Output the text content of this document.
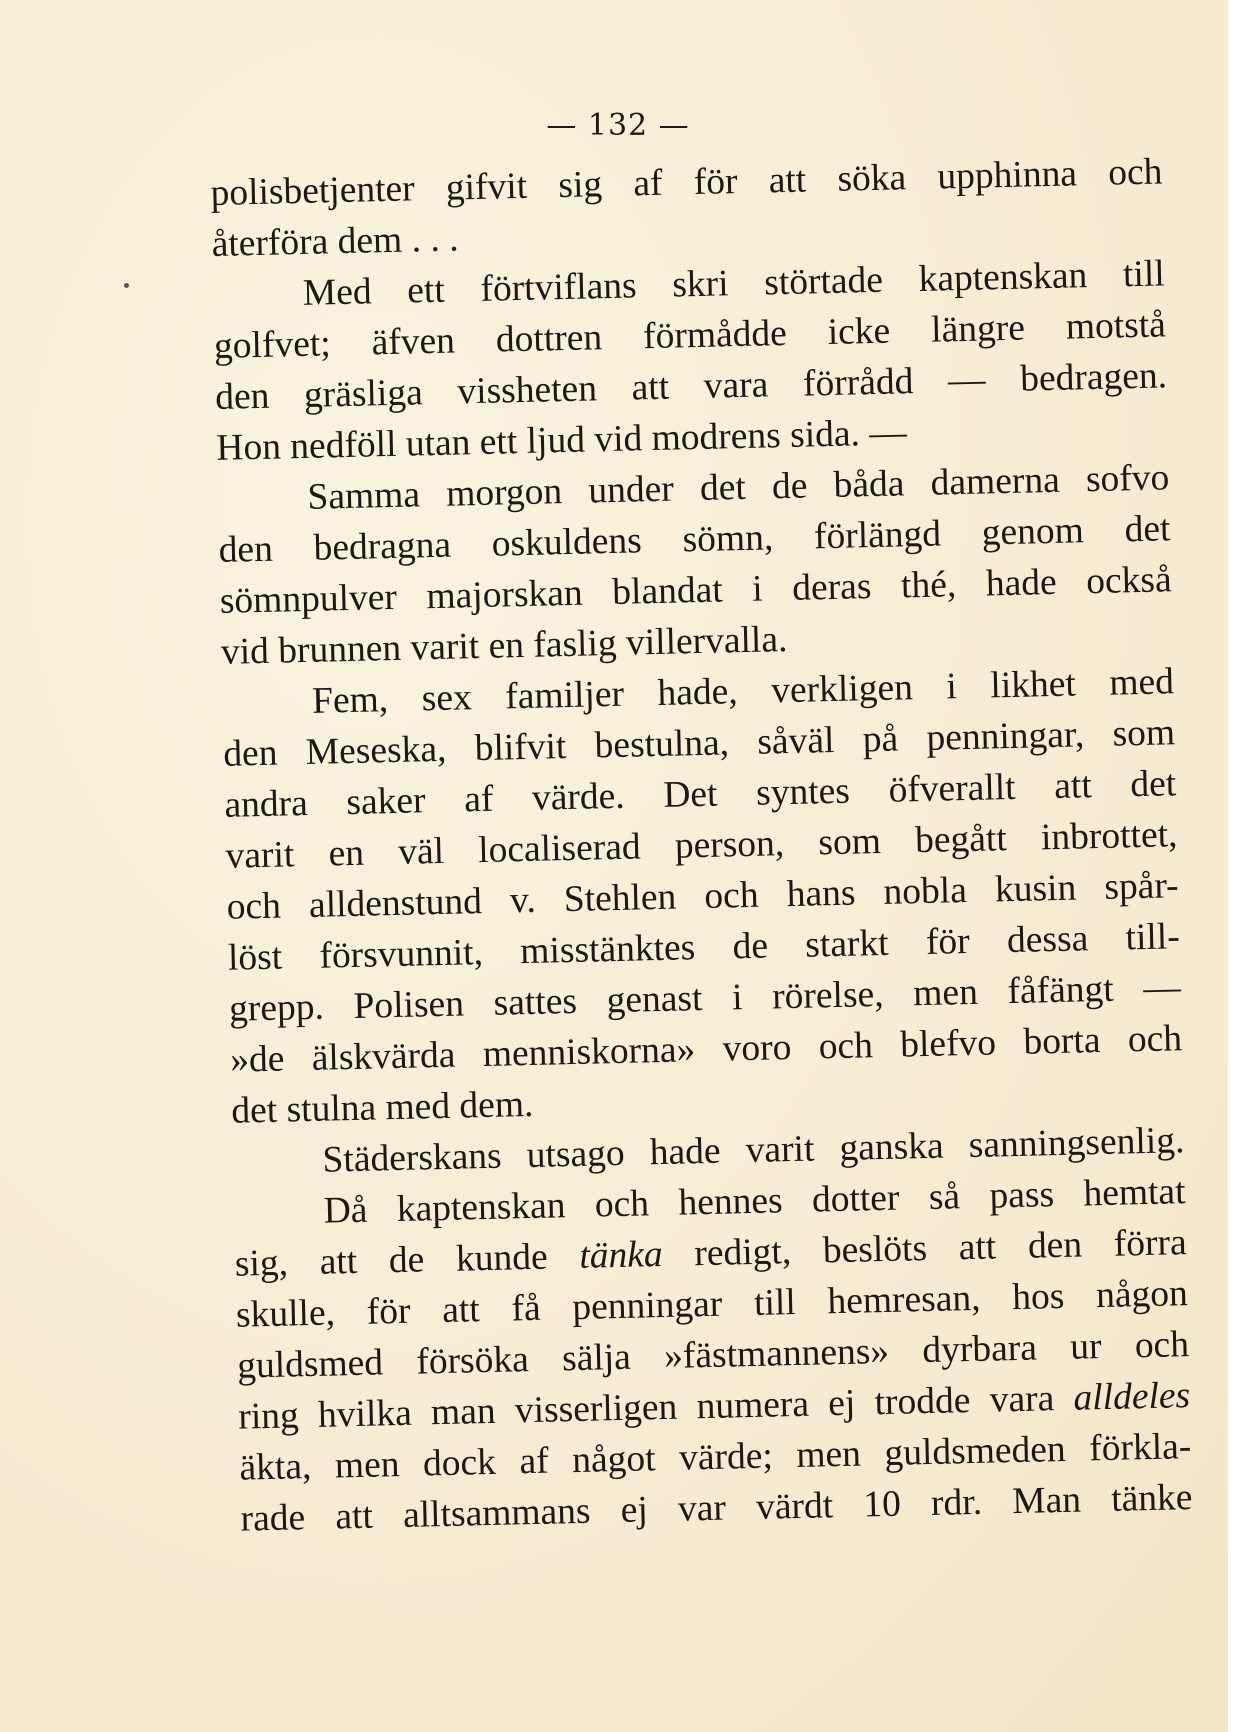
— 132 —
polisbetjenter gifvit sig af för att söka upphinna och
återföra dem . . .
Med ett förtviflans skri störtade kaptenskan till
golfvet; äfven dottren förmådde icke längre motstå
den gräsliga vissheten att vara förrådd — bedragen.
Hon nedföll utan ett ljud vid modrens sida. —
Samma morgon under det de båda damerna sofvo
den bedragna oskuldens sömn, förlängd genom det
sömnpulver majorskan blandat i deras thé, hade också
vid brunnen varit en faslig villervalla.
Fem, sex familjer hade, verkligen i likhet med
den Meseska, blifvit bestulna, såväl på penningar, som
andra saker af värde. Det syntes öfverallt att det
varit en väl localiserad person, som begått inbrottet,
och alldenstund v. Stehlen och hans nobla kusin spår-
löst försvunnit, misstänktes de starkt för dessa till-
grepp. Polisen sattes genast i rörelse, men fåfängt —
»de älskvärda menniskorna» voro och blefvo borta och
det stulna med dem.
Städerskans utsago hade varit ganska sanningsenlig.
Då kaptenskan och hennes dotter så pass hemtat
sig, att de kunde tänka redigt, beslöts att den förra
skulle, för att få penningar till hemresan, hos någon
guldsmed försöka sälja »fästmannens» dyrbara ur och
ring hvilka man visserligen numera ej trodde vara alldeles
äkta, men dock af något värde; men guldsmeden förkla-
rade att alltsammans ej var värdt 10 rdr. Man tänke
